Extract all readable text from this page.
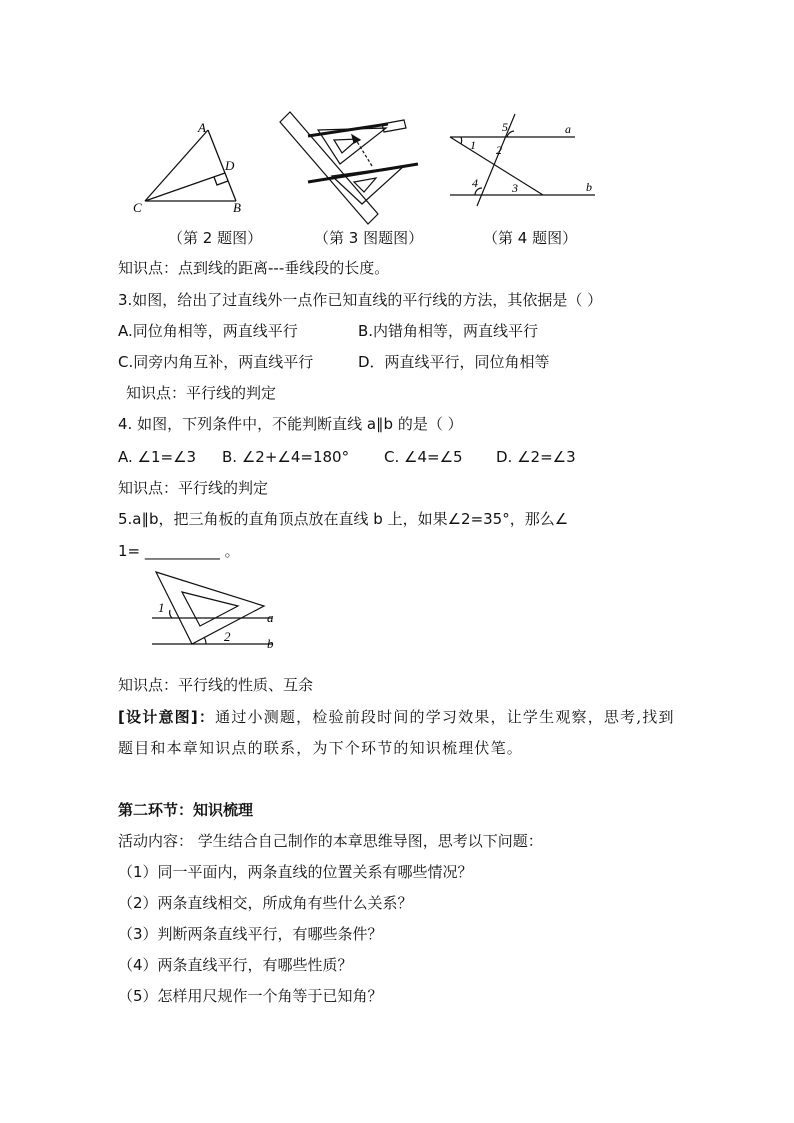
A
D
C	B
5	a
1 2
4	3	b
（第 2 题图）	（第 3 图题图）	（第 4 题图）
知识点：点到线的距离---垂线段的长度。
3.如图，给出了过直线外一点作已知直线的平行线的方法，其依据是（ ）
A.同位角相等，两直线平行	B.内错角相等，两直线平行
C.同旁内角互补，两直线平行	D．两直线平行，同位角相等
知识点：平行线的判定
4. 如图，下列条件中，不能判断直线 a∥b 的是（ ）
A. ∠1=∠3 B. ∠2+∠4=180° C. ∠4=∠5 D. ∠2=∠3
知识点：平行线的判定
5.a∥b，把三角板的直角顶点放在直线 b 上，如果∠2=35°，那么∠
1= __________ 。
1
2
a
b
知识点：平行线的性质、互余
[设计意图]：通过小测题，检验前段时间的学习效果，让学生观察，思考,找到
题目和本章知识点的联系，为下个环节的知识梳理伏笔。
第二环节：知识梳理
活动内容： 学生结合自己制作的本章思维导图，思考以下问题：
（1）同一平面内，两条直线的位置关系有哪些情况？
（2）两条直线相交，所成角有些什么关系？
（3）判断两条直线平行，有哪些条件？
（4）两条直线平行，有哪些性质？
（5）怎样用尺规作一个角等于已知角？
